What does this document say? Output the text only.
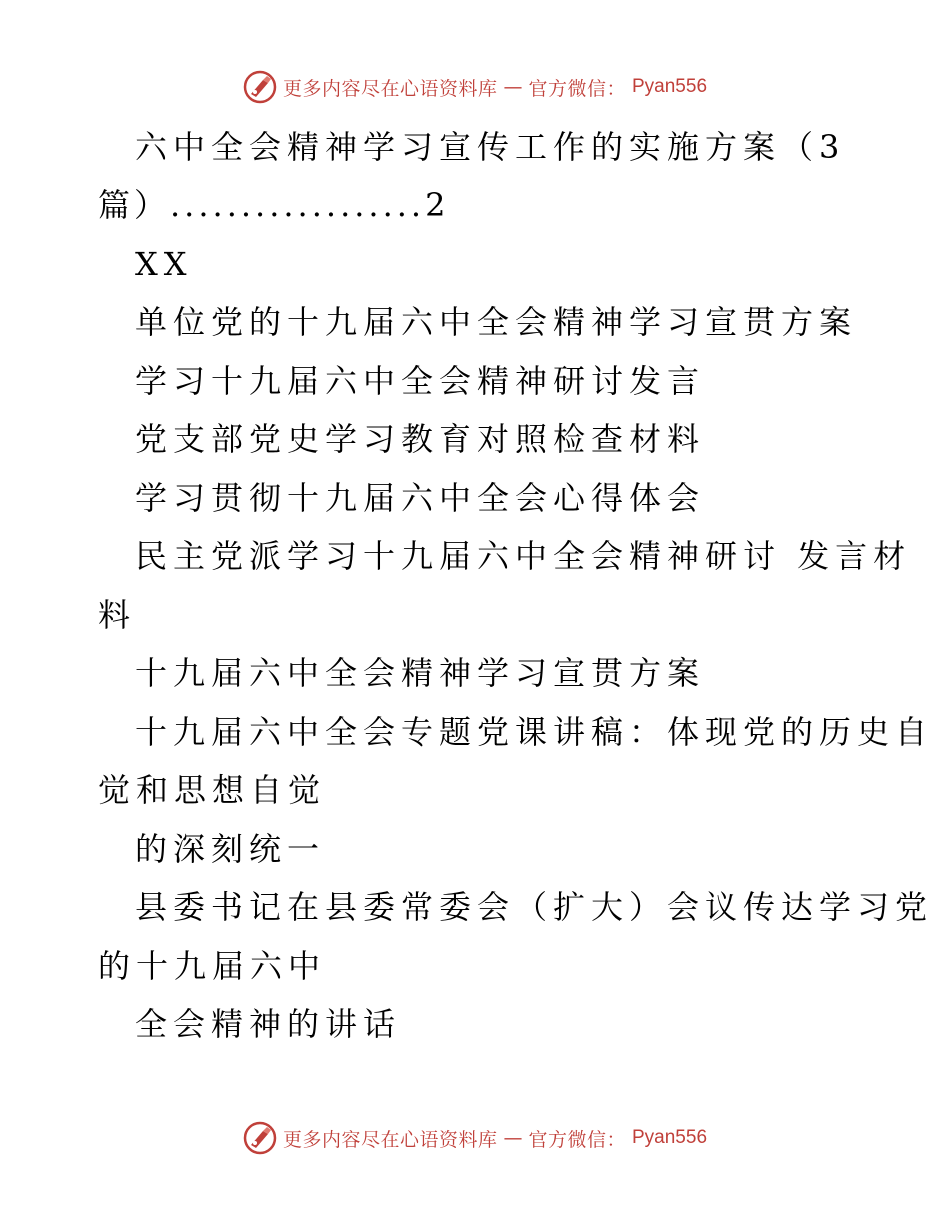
更多内容尽在心语资料库 — 官方微信： Pyan556
六中全会精神学习宣传工作的实施方案（3
篇）..................2
XX
单位党的十九届六中全会精神学习宣贯方案
学习十九届六中全会精神研讨发言
党支部党史学习教育对照检查材料
学习贯彻十九届六中全会心得体会
民主党派学习十九届六中全会精神研讨 发言材
料
十九届六中全会精神学习宣贯方案
十九届六中全会专题党课讲稿：体现党的历史自
觉和思想自觉
的深刻统一
县委书记在县委常委会（扩大）会议传达学习党
的十九届六中
全会精神的讲话
更多内容尽在心语资料库 — 官方微信： Pyan556
